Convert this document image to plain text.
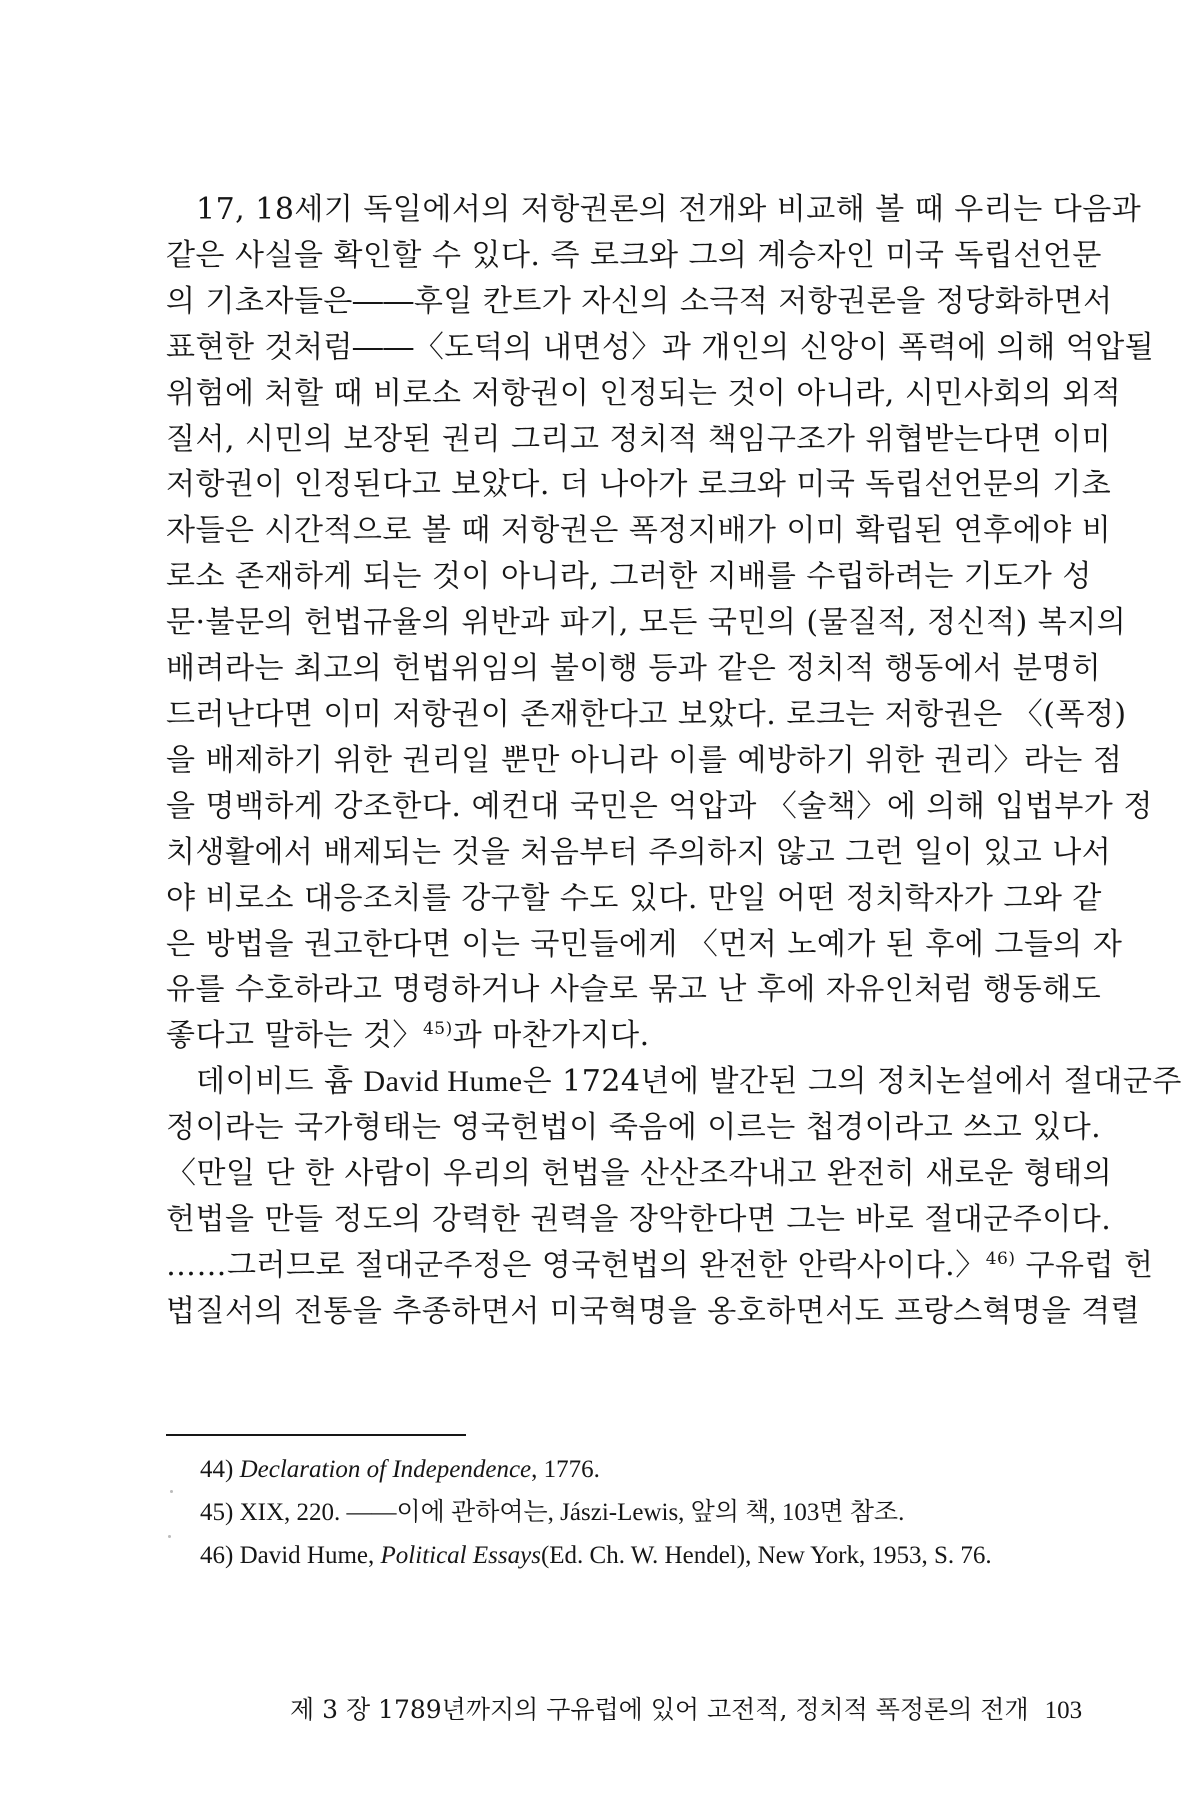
17, 18세기 독일에서의 저항권론의 전개와 비교해 볼 때 우리는 다음과
같은 사실을 확인할 수 있다. 즉 로크와 그의 계승자인 미국 독립선언문
의 기초자들은――후일 칸트가 자신의 소극적 저항권론을 정당화하면서
표현한 것처럼――〈도덕의 내면성〉과 개인의 신앙이 폭력에 의해 억압될
위험에 처할 때 비로소 저항권이 인정되는 것이 아니라, 시민사회의 외적
질서, 시민의 보장된 권리 그리고 정치적 책임구조가 위협받는다면 이미
저항권이 인정된다고 보았다. 더 나아가 로크와 미국 독립선언문의 기초
자들은 시간적으로 볼 때 저항권은 폭정지배가 이미 확립된 연후에야 비
로소 존재하게 되는 것이 아니라, 그러한 지배를 수립하려는 기도가 성
문·불문의 헌법규율의 위반과 파기, 모든 국민의 (물질적, 정신적) 복지의
배려라는 최고의 헌법위임의 불이행 등과 같은 정치적 행동에서 분명히
드러난다면 이미 저항권이 존재한다고 보았다. 로크는 저항권은 〈(폭정)
을 배제하기 위한 권리일 뿐만 아니라 이를 예방하기 위한 권리〉라는 점
을 명백하게 강조한다. 예컨대 국민은 억압과 〈술책〉에 의해 입법부가 정
치생활에서 배제되는 것을 처음부터 주의하지 않고 그런 일이 있고 나서
야 비로소 대응조치를 강구할 수도 있다. 만일 어떤 정치학자가 그와 같
은 방법을 권고한다면 이는 국민들에게 〈먼저 노예가 된 후에 그들의 자
유를 수호하라고 명령하거나 사슬로 묶고 난 후에 자유인처럼 행동해도
좋다고 말하는 것〉$^{45)}$과 마찬가지다.
데이비드 흄 David Hume은 1724년에 발간된 그의 정치논설에서 절대군주
정이라는 국가형태는 영국헌법이 죽음에 이르는 첩경이라고 쓰고 있다.
〈만일 단 한 사람이 우리의 헌법을 산산조각내고 완전히 새로운 형태의
헌법을 만들 정도의 강력한 권력을 장악한다면 그는 바로 절대군주이다.
……그러므로 절대군주정은 영국헌법의 완전한 안락사이다.〉$^{46)}$ 구유럽 헌
법질서의 전통을 추종하면서 미국혁명을 옹호하면서도 프랑스혁명을 격렬
44) Declaration of Independence, 1776.
45) XIX, 220. ――이에 관하여는, Jászi-Lewis, 앞의 책, 103면 참조.
46) David Hume, Political Essays(Ed. Ch. W. Hendel), New York, 1953, S. 76.
제 3 장 1789년까지의 구유럽에 있어 고전적, 정치적 폭정론의 전개 103
